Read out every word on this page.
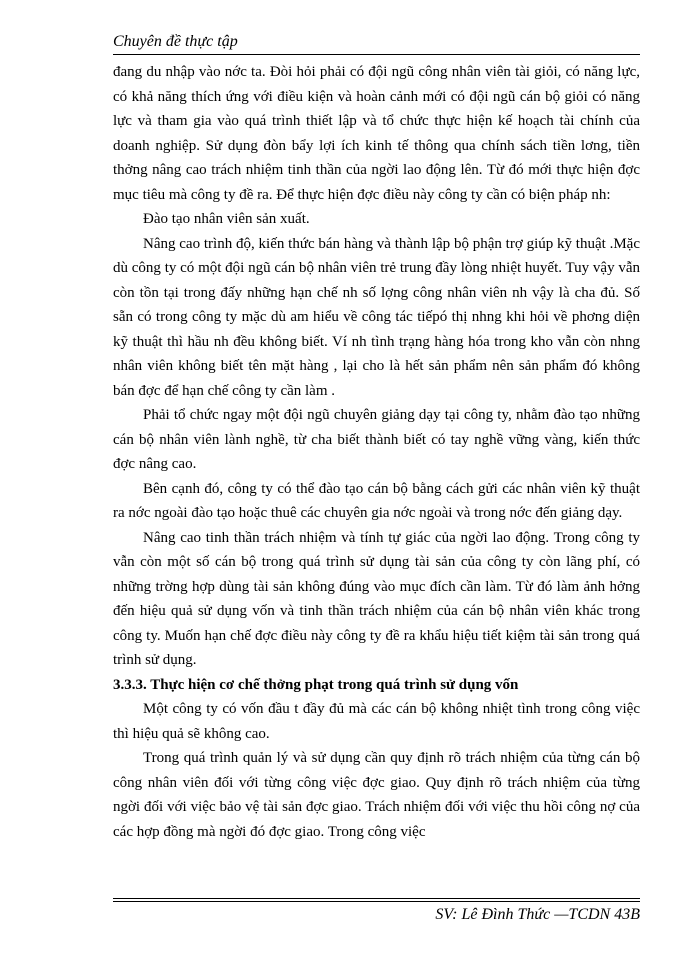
Chuyên đề thực tập

đang du nhập vào nớc ta. Đòi hỏi phải có đội ngũ công nhân viên tài giỏi, có năng lực, có khả năng thích ứng với điều kiện và hoàn cảnh mới có đội ngũ cán bộ giỏi có năng lực và tham gia vào quá trình thiết lập và tổ chức thực hiện kế hoạch tài chính của doanh nghiệp. Sử dụng đòn bẩy lợi ích kinh tế thông qua chính sách tiền lơng, tiền thởng nâng cao trách nhiệm tinh thần của ngời lao động lên. Từ đó mới thực hiện đợc mục tiêu mà công ty đề ra. Để thực hiện đợc điều này công ty cần có biện pháp nh:

Đào tạo nhân viên sản xuất.

Nâng cao trình độ, kiến thức bán hàng và thành lập bộ phận trợ giúp kỹ thuật .Mặc dù công ty có một đội ngũ cán bộ nhân viên trẻ trung đầy lòng nhiệt huyết. Tuy vậy vẫn còn tồn tại trong đấy những hạn chế nh số lợng công nhân viên nh vậy là cha đủ. Số sẵn có trong công ty mặc dù am hiểu về công tác tiếpó thị nhng khi hỏi về phơng diện kỹ thuật thì hầu nh đều không biết. Ví nh tình trạng hàng hóa trong kho vẫn còn nhng nhân viên không biết tên mặt hàng , lại cho là hết sản phẩm nên sản phẩm đó không bán đợc để hạn chế công ty cần làm .

Phải tổ chức ngay một đội ngũ chuyên giảng dạy tại công ty, nhằm đào tạo những cán bộ nhân viên lành nghề, từ cha biết thành biết có tay nghề vững vàng, kiến thức đợc nâng cao.

Bên cạnh đó, công ty có thể đào tạo cán bộ bằng cách gửi các nhân viên kỹ thuật ra nớc ngoài đào tạo hoặc thuê các chuyên gia nớc ngoài và trong nớc đến giảng dạy.

Nâng cao tinh thần trách nhiệm và tính tự giác của ngời lao động. Trong công ty vẫn còn một số cán bộ trong quá trình sử dụng tài sản của công ty còn lãng phí, có những trờng hợp dùng tài sản không đúng vào mục đích cần làm. Từ đó làm ảnh hởng đến hiệu quả sử dụng vốn và tinh thần trách nhiệm của cán bộ nhân viên khác trong công ty. Muốn hạn chế đợc điều này công ty đề ra khẩu hiệu tiết kiệm tài sản trong quá trình sử dụng.

3.3.3. Thực hiện cơ chế thởng phạt trong quá trình sử dụng vốn

Một công ty có vốn đầu t đầy đủ mà các cán bộ không nhiệt tình trong công việc thì hiệu quả sẽ không cao.

Trong quá trình quản lý và sử dụng cần quy định rõ trách nhiệm của từng cán bộ công nhân viên đối với từng công việc đợc giao. Quy định rõ trách nhiệm của từng ngời đối với việc bảo vệ tài sản đợc giao. Trách nhiệm đối với việc thu hồi công nợ của các hợp đồng mà ngời đó đợc giao. Trong công việc

SV: Lê Đình Thức —TCDN 43B
